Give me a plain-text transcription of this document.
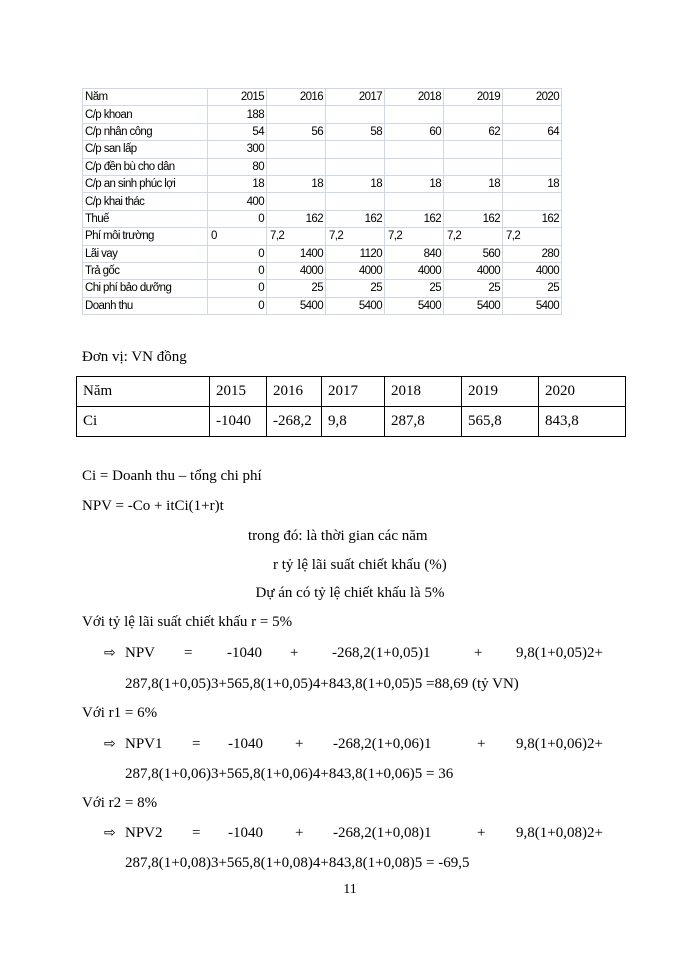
Năm	2015	2016	2017	2018	2019	2020
C/p khoan	188					
C/p nhân công	54	56	58	60	62	64
C/p san lấp	300					
C/p đền bù cho dân	80					
C/p an sinh phúc lợi	18	18	18	18	18	18
C/p khai thác	400					
Thuế	0	162	162	162	162	162
Phí môi trường	0	7,2	7,2	7,2	7,2	7,2
Lãi vay	0	1400	1120	840	560	280
Trả gốc	0	4000	4000	4000	4000	4000
Chi phí bảo dưỡng	0	25	25	25	25	25
Doanh thu	0	5400	5400	5400	5400	5400
Đơn vị: VN đồng
Năm	2015	2016	2017	2018	2019	2020
Ci	-1040	-268,2	9,8	287,8	565,8	843,8
Ci = Doanh thu – tổng chi phí
NPV = -Co + itCi(1+r)t
trong đó: là thời gian các năm
r tỷ lệ lãi suất chiết khấu (%)
Dự án có tỷ lệ chiết khấu là 5%
Với tỷ lệ lãi suất chiết khấu r = 5%
⇨ NPV = -1040 + -268,2(1+0,05)1	+ 9,8(1+0,05)2+
287,8(1+0,05)3+565,8(1+0,05)4+843,8(1+0,05)5 =88,69 (tỷ VN)
Với r1 = 6%
⇨ NPV1 = -1040 + -268,2(1+0,06)1	+ 9,8(1+0,06)2+
287,8(1+0,06)3+565,8(1+0,06)4+843,8(1+0,06)5 = 36
Với r2 = 8%
⇨ NPV2 = -1040 + -268,2(1+0,08)1	+ 9,8(1+0,08)2+
287,8(1+0,08)3+565,8(1+0,08)4+843,8(1+0,08)5 = -69,5
11
